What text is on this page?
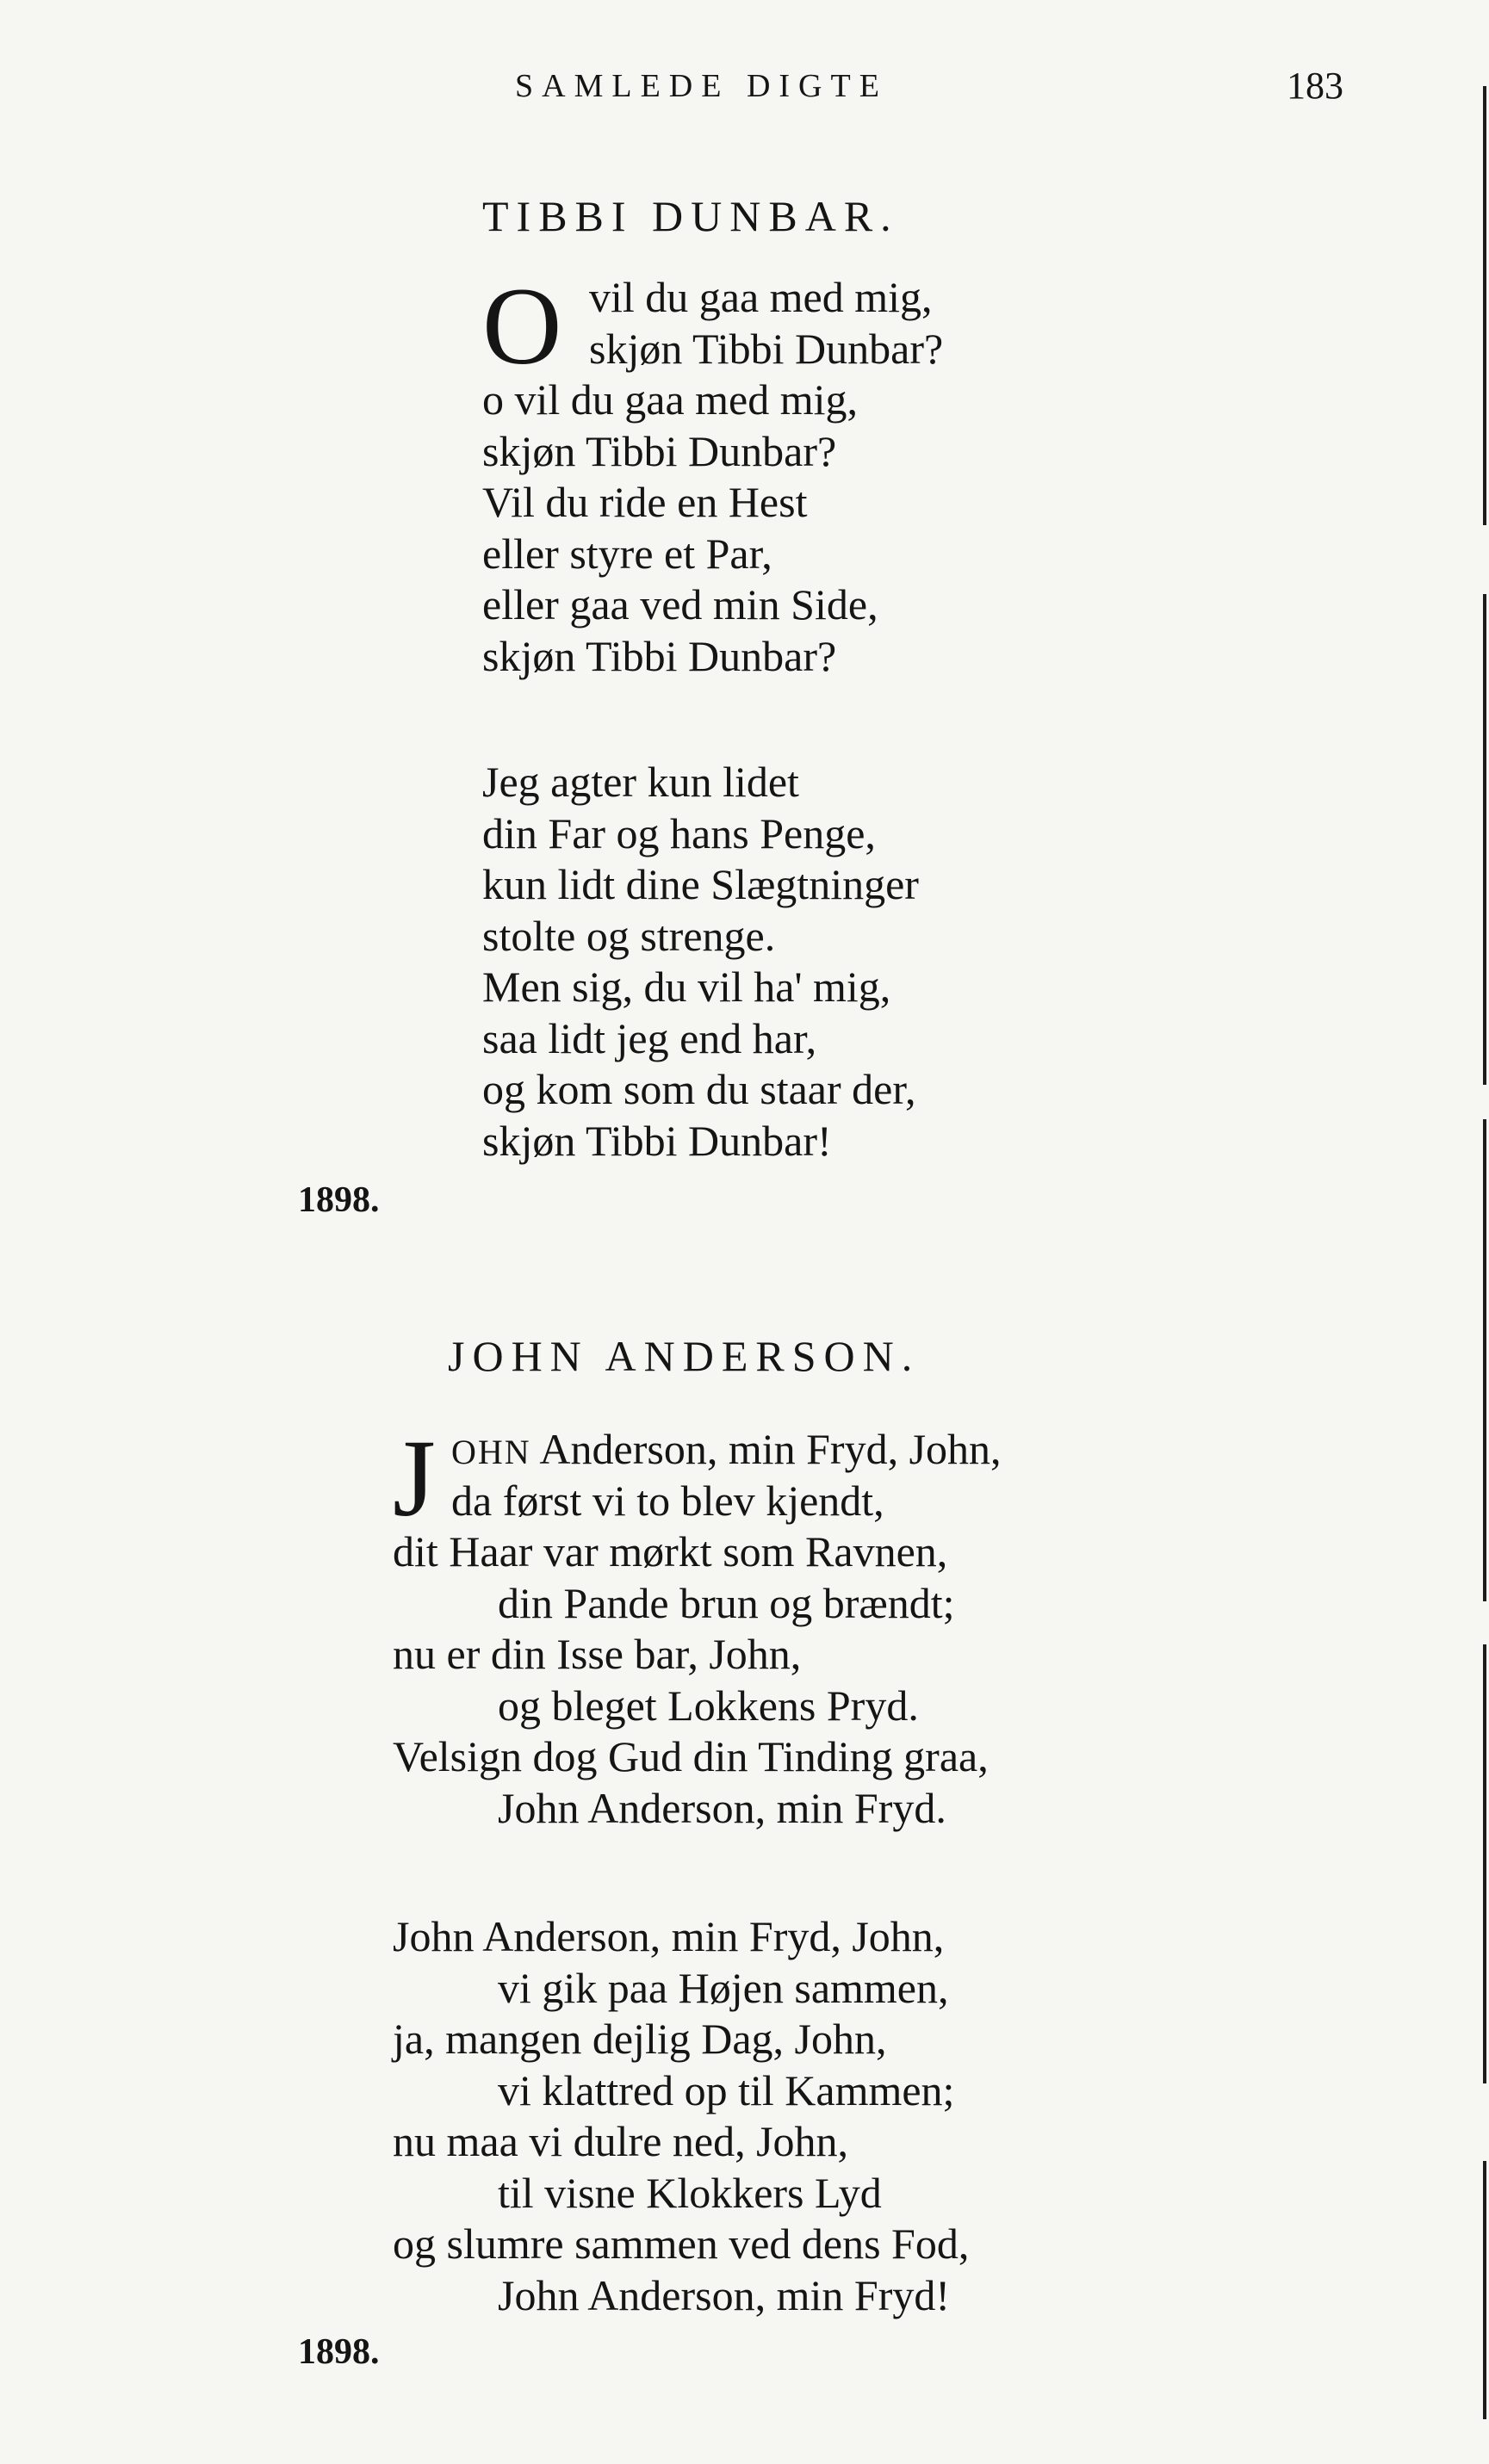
SAMLEDE DIGTE	183
TIBBI DUNBAR.
O vil du gaa med mig,
skjøn Tibbi Dunbar?
o vil du gaa med mig,
skjøn Tibbi Dunbar?
Vil du ride en Hest
eller styre et Par,
eller gaa ved min Side,
skjøn Tibbi Dunbar?
Jeg agter kun lidet
din Far og hans Penge,
kun lidt dine Slægtninger
stolte og strenge.
Men sig, du vil ha' mig,
saa lidt jeg end har,
og kom som du staar der,
skjøn Tibbi Dunbar!
1898.
JOHN ANDERSON.
J OHN Anderson, min Fryd, John,
da først vi to blev kjendt,
dit Haar var mørkt som Ravnen,
din Pande brun og brændt;
nu er din Isse bar, John,
og bleget Lokkens Pryd.
Velsign dog Gud din Tinding graa,
John Anderson, min Fryd.
John Anderson, min Fryd, John,
vi gik paa Højen sammen,
ja, mangen dejlig Dag, John,
vi klattred op til Kammen;
nu maa vi dulre ned, John,
til visne Klokkers Lyd
og slumre sammen ved dens Fod,
John Anderson, min Fryd!
1898.
